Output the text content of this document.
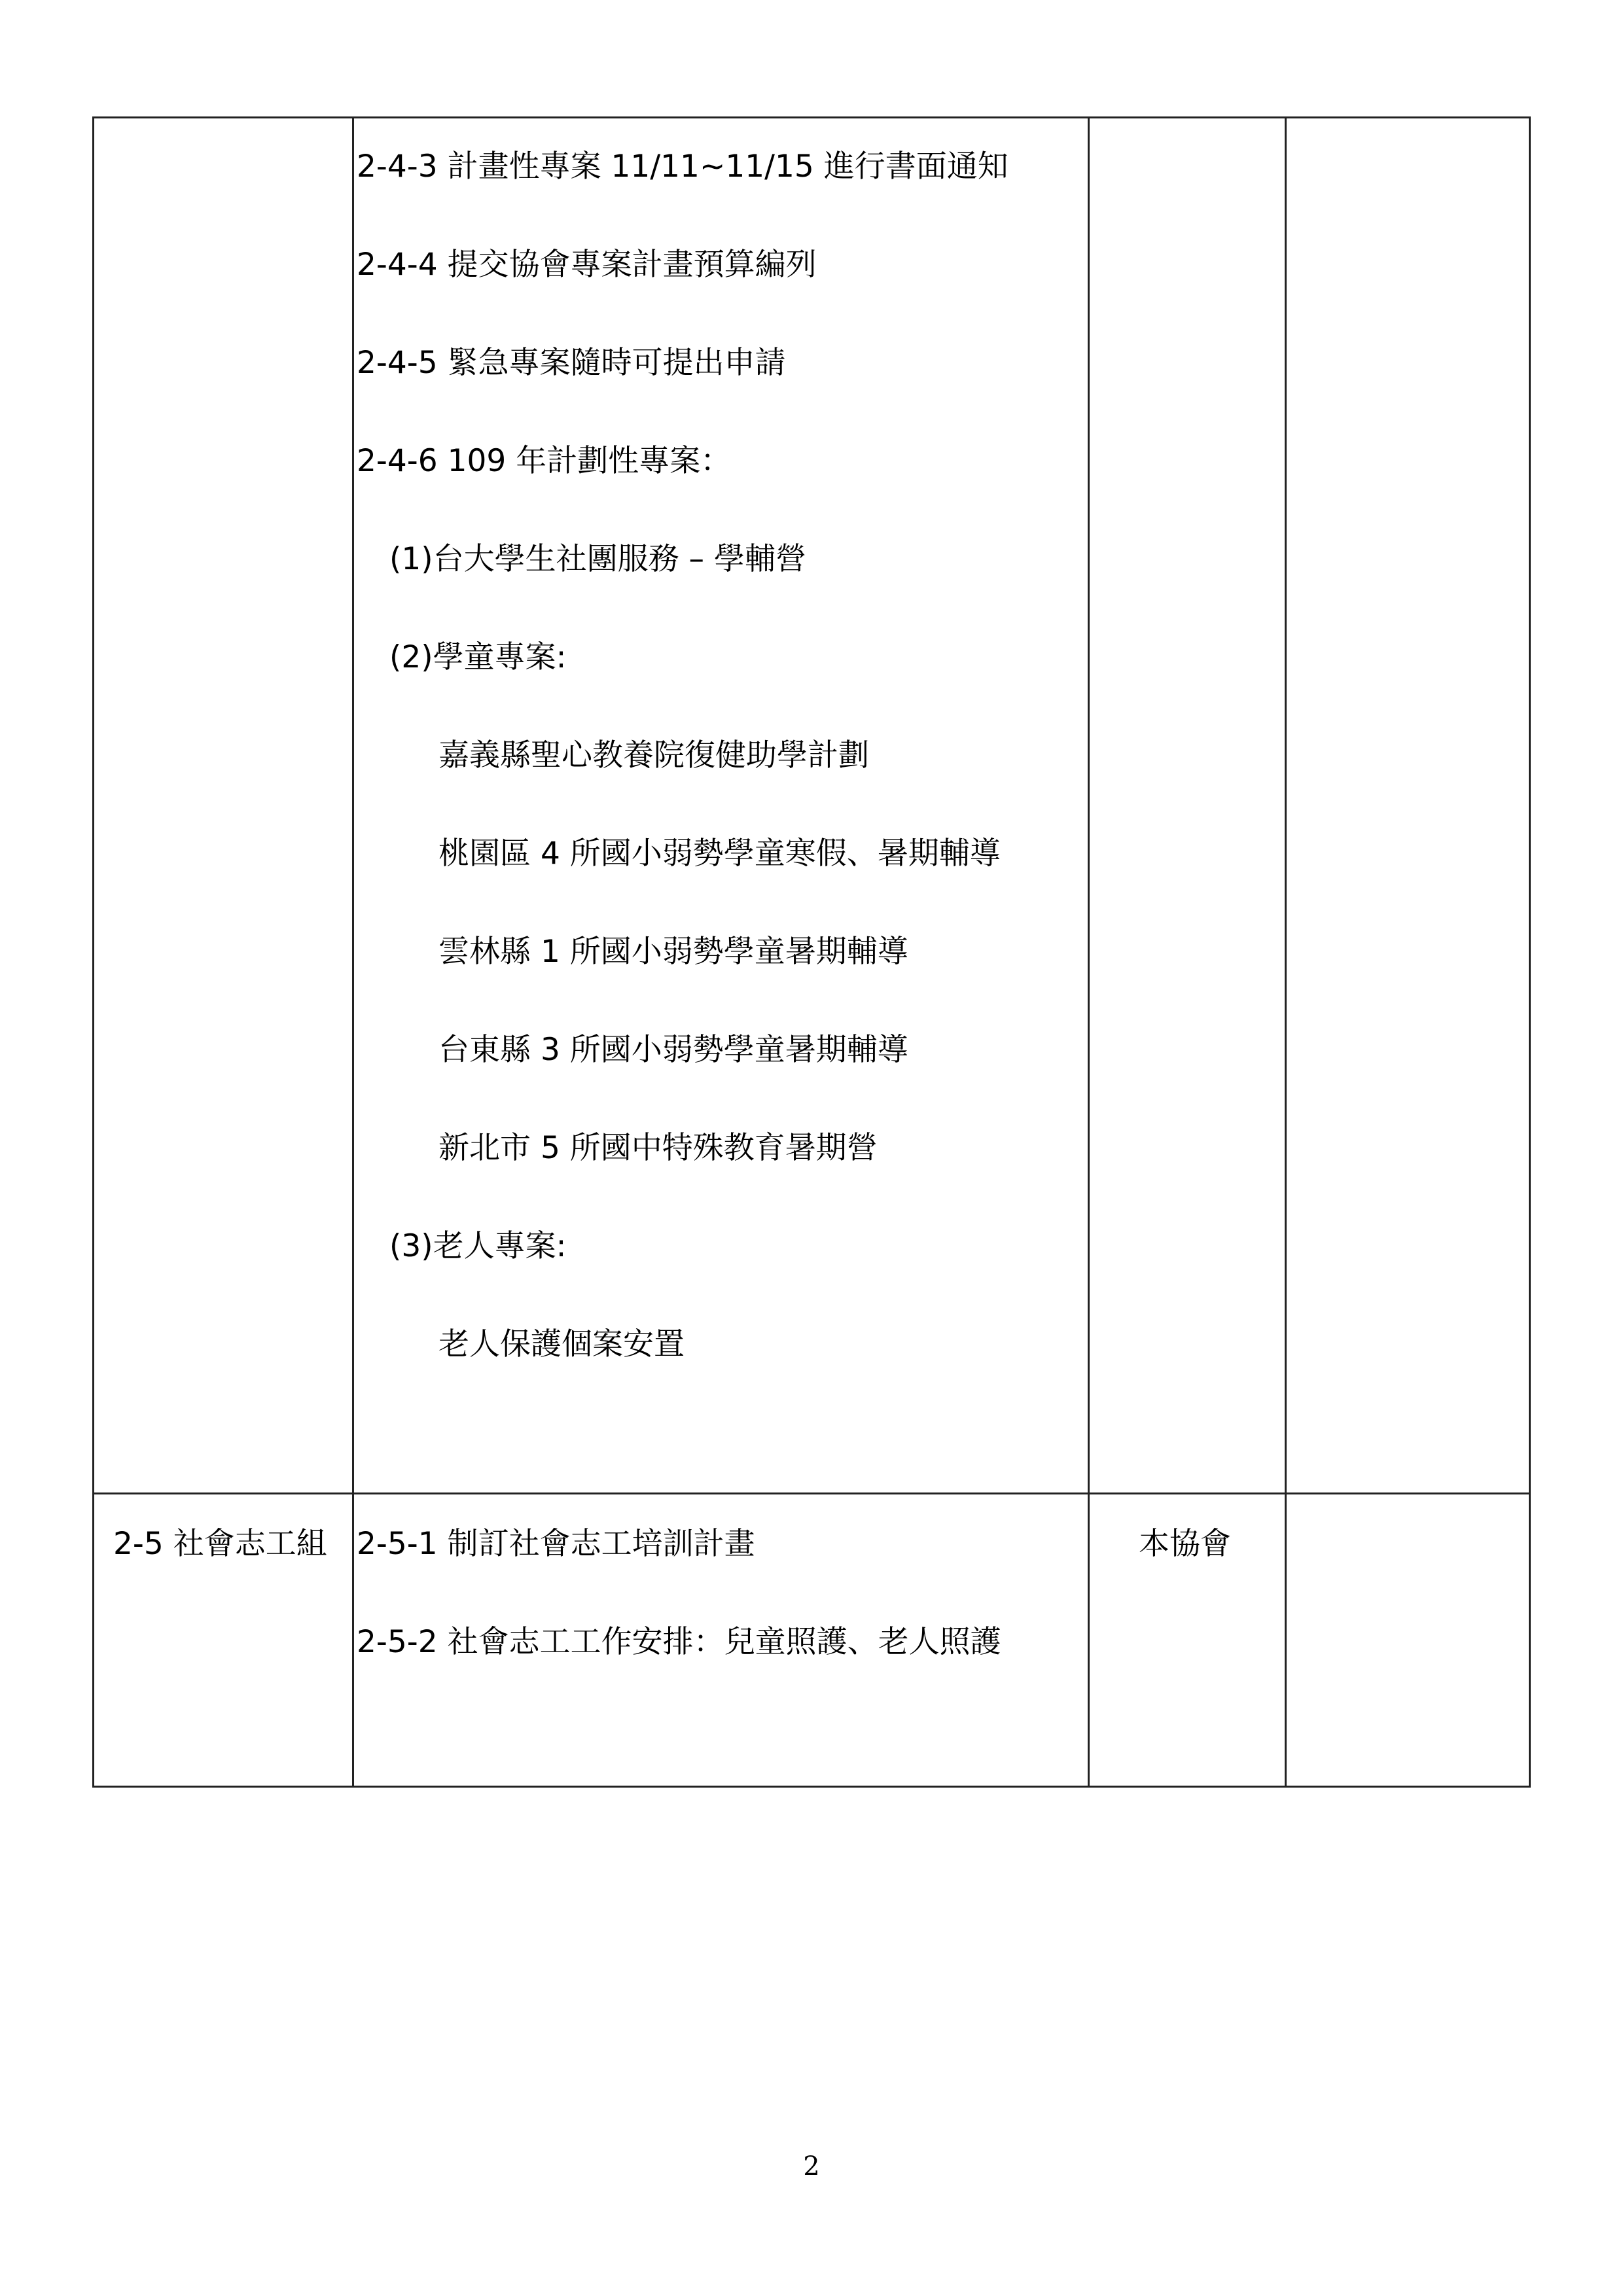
2-4-3 計畫性專案 11/11~11/15 進行書面通知
2-4-4 提交協會專案計畫預算編列
2-4-5 緊急專案隨時可提出申請
2-4-6 109 年計劃性專案：
(1)台大學生社團服務 – 學輔營
(2)學童專案:
嘉義縣聖心教養院復健助學計劃
桃園區 4 所國小弱勢學童寒假、暑期輔導
雲林縣 1 所國小弱勢學童暑期輔導
台東縣 3 所國小弱勢學童暑期輔導
新北市 5 所國中特殊教育暑期營
(3)老人專案:
老人保護個案安置
2-5 社會志工組 2-5-1 制訂社會志工培訓計畫
2-5-2 社會志工工作安排：兒童照護、老人照護
本協會
2
